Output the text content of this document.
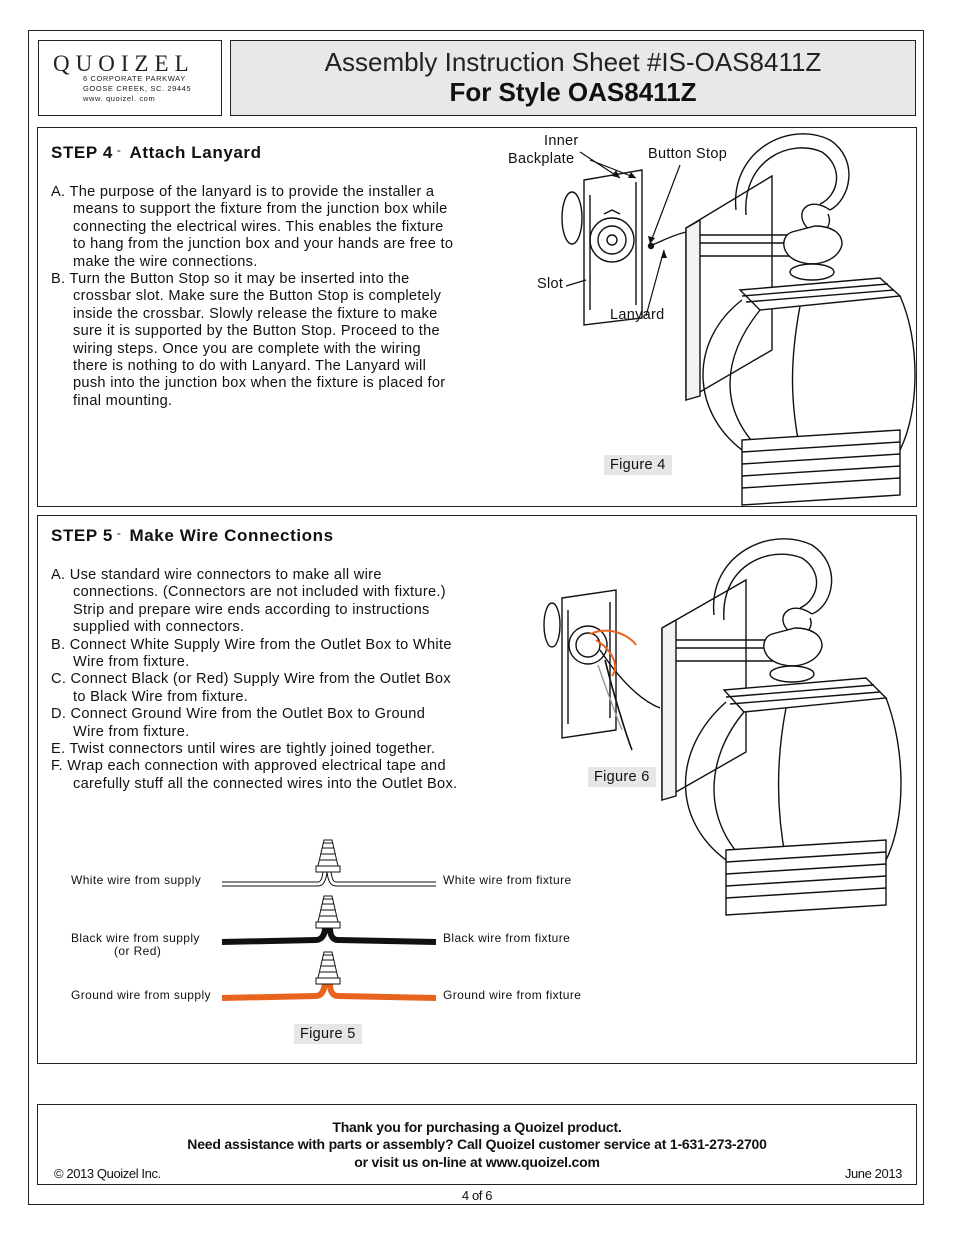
QUOIZEL
6 CORPORATE PARKWAY
GOOSE CREEK, SC. 29445
www. quoizel. com
Assembly Instruction Sheet #IS-OAS8411Z
For Style OAS8411Z
STEP 4 - Attach Lanyard
A. The purpose of the lanyard is to provide the installer a
means to support the fixture from the junction box while
connecting the electrical wires. This enables the fixture
to hang from the junction box and your hands are free to
make the wire connections.
B. Turn the Button Stop so it may be inserted into the
crossbar slot. Make sure the Button Stop is completely
inside the crossbar. Slowly release the fixture to make
sure it is supported by the Button Stop. Proceed to the
wiring steps. Once you are complete with the wiring
there is nothing to do with Lanyard. The Lanyard will
push into the junction box when the fixture is placed for
final mounting.
Inner
Backplate	Button Stop
Slot
Lanyard
Figure 4
STEP 5 - Make Wire Connections
A. Use standard wire connectors to make all wire
connections. (Connectors are not included with fixture.)
Strip and prepare wire ends according to instructions
supplied with connectors.
B. Connect White Supply Wire from the Outlet Box to White
Wire from fixture.
C. Connect Black (or Red) Supply Wire from the Outlet Box
to Black Wire from fixture.
D. Connect Ground Wire from the Outlet Box to Ground
Wire from fixture.
E. Twist connectors until wires are tightly joined together.
F. Wrap each connection with approved electrical tape and
carefully stuff all the connected wires into the Outlet Box.	Figure 6
White wire from supply	White wire from fixture
Black wire from supply
(or Red)
Black wire from fixture
Ground wire from supply	Ground wire from fixture
Figure 5
Thank you for purchasing a Quoizel product.
Need assistance with parts or assembly? Call Quoizel customer service at 1-631-273-2700
or visit us on-line at www.quoizel.com
© 2013 Quoizel Inc.	June 2013
4 of 6
